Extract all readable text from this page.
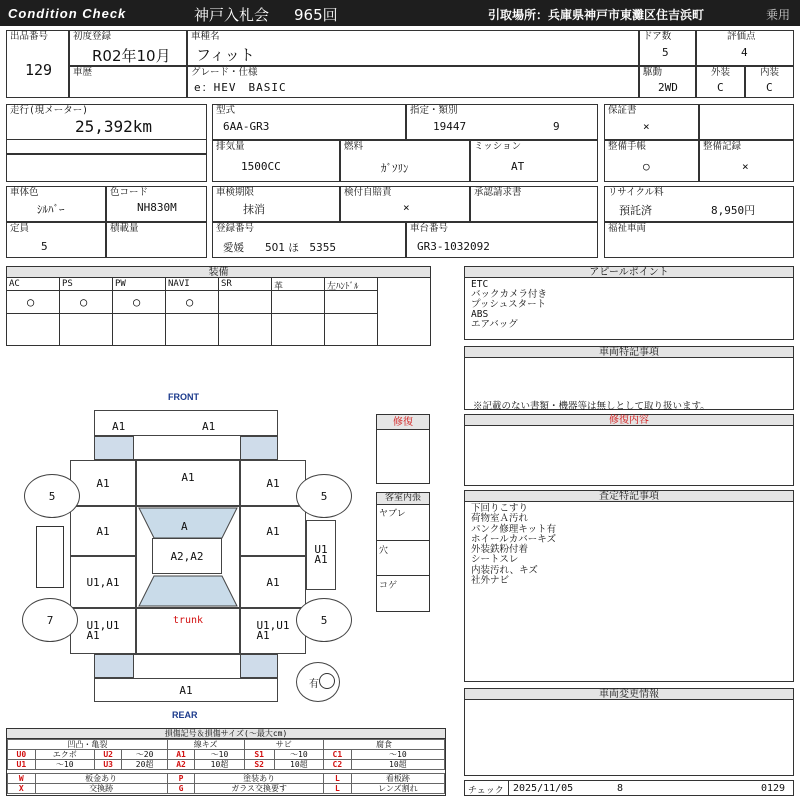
Condition Check	神戸入札会 965回	引取場所：兵庫県神戸市東灘区住吉浜町	乗用
出品番号
129
初度登録
R02年10月
車歴
車種名
フィット
グレード・仕様
e：HEV　BASIC
ドア数
5
駆動
2WD
評価点
4
外装
C
内装
C
走行(現メーター)
25,392km
型式
6AA-GR3
指定・類別
19447	9
保証書
×
排気量
1500CC
燃料
ｶﾞｿﾘﾝ
ミッション
AT
整備手帳
○
整備記録
×
車体色
ｼﾙﾊﾞｰ
色コード
NH830M
定員
5
積載量
車検期限
抹消
検付自賠責
×
承認請求書
登録番号
愛媛　　501 ほ　5355
車台番号
GR3-1032092
リサイクル料
預託済	8,950円
福祉車両
装備
AC
○
PS
○
PW
○
NAVI
○
SR	革	左ﾊﾝﾄﾞﾙ
アピールポイント
ETC
バックカメラ付き
プッシュスタート
ABS
エアバッグ
車両特記事項
※記載のない書類・機器等は無しとして取り扱います。
修復内容
査定特記事項
下回りこすり
荷物室Ａ汚れ
パンク修理キット有
ホイールカバーキズ
外装鉄粉付着
シートスレ
内装汚れ、キズ
社外ナビ
車両変更情報
チェック 2025/11/05	8	0129
FRONT
REAR
A1	A1
A1
A1
U1,A1
U1,U1
A1
A1
A1
A1
U1,U1
A1
U1
A1
A1
A
A2,A2
trunk
A1
5	5
7	5
有
修復
客室内張
ヤブレ
穴
コゲ
損傷記号＆損傷サイズ(〜最大cm)
凹凸・亀裂				線キズ		サビ		腐食	
U0	エクボ	U2	〜20	A1	〜10	S1	〜10	C1	〜10
U1	〜10	U3	20超	A2	10超	S2	10超	C2	10超

W	板金あり			P	塗装あり			L	看板跡
X	交換跡			G	ガラス交換要す			L	レンズ割れ
